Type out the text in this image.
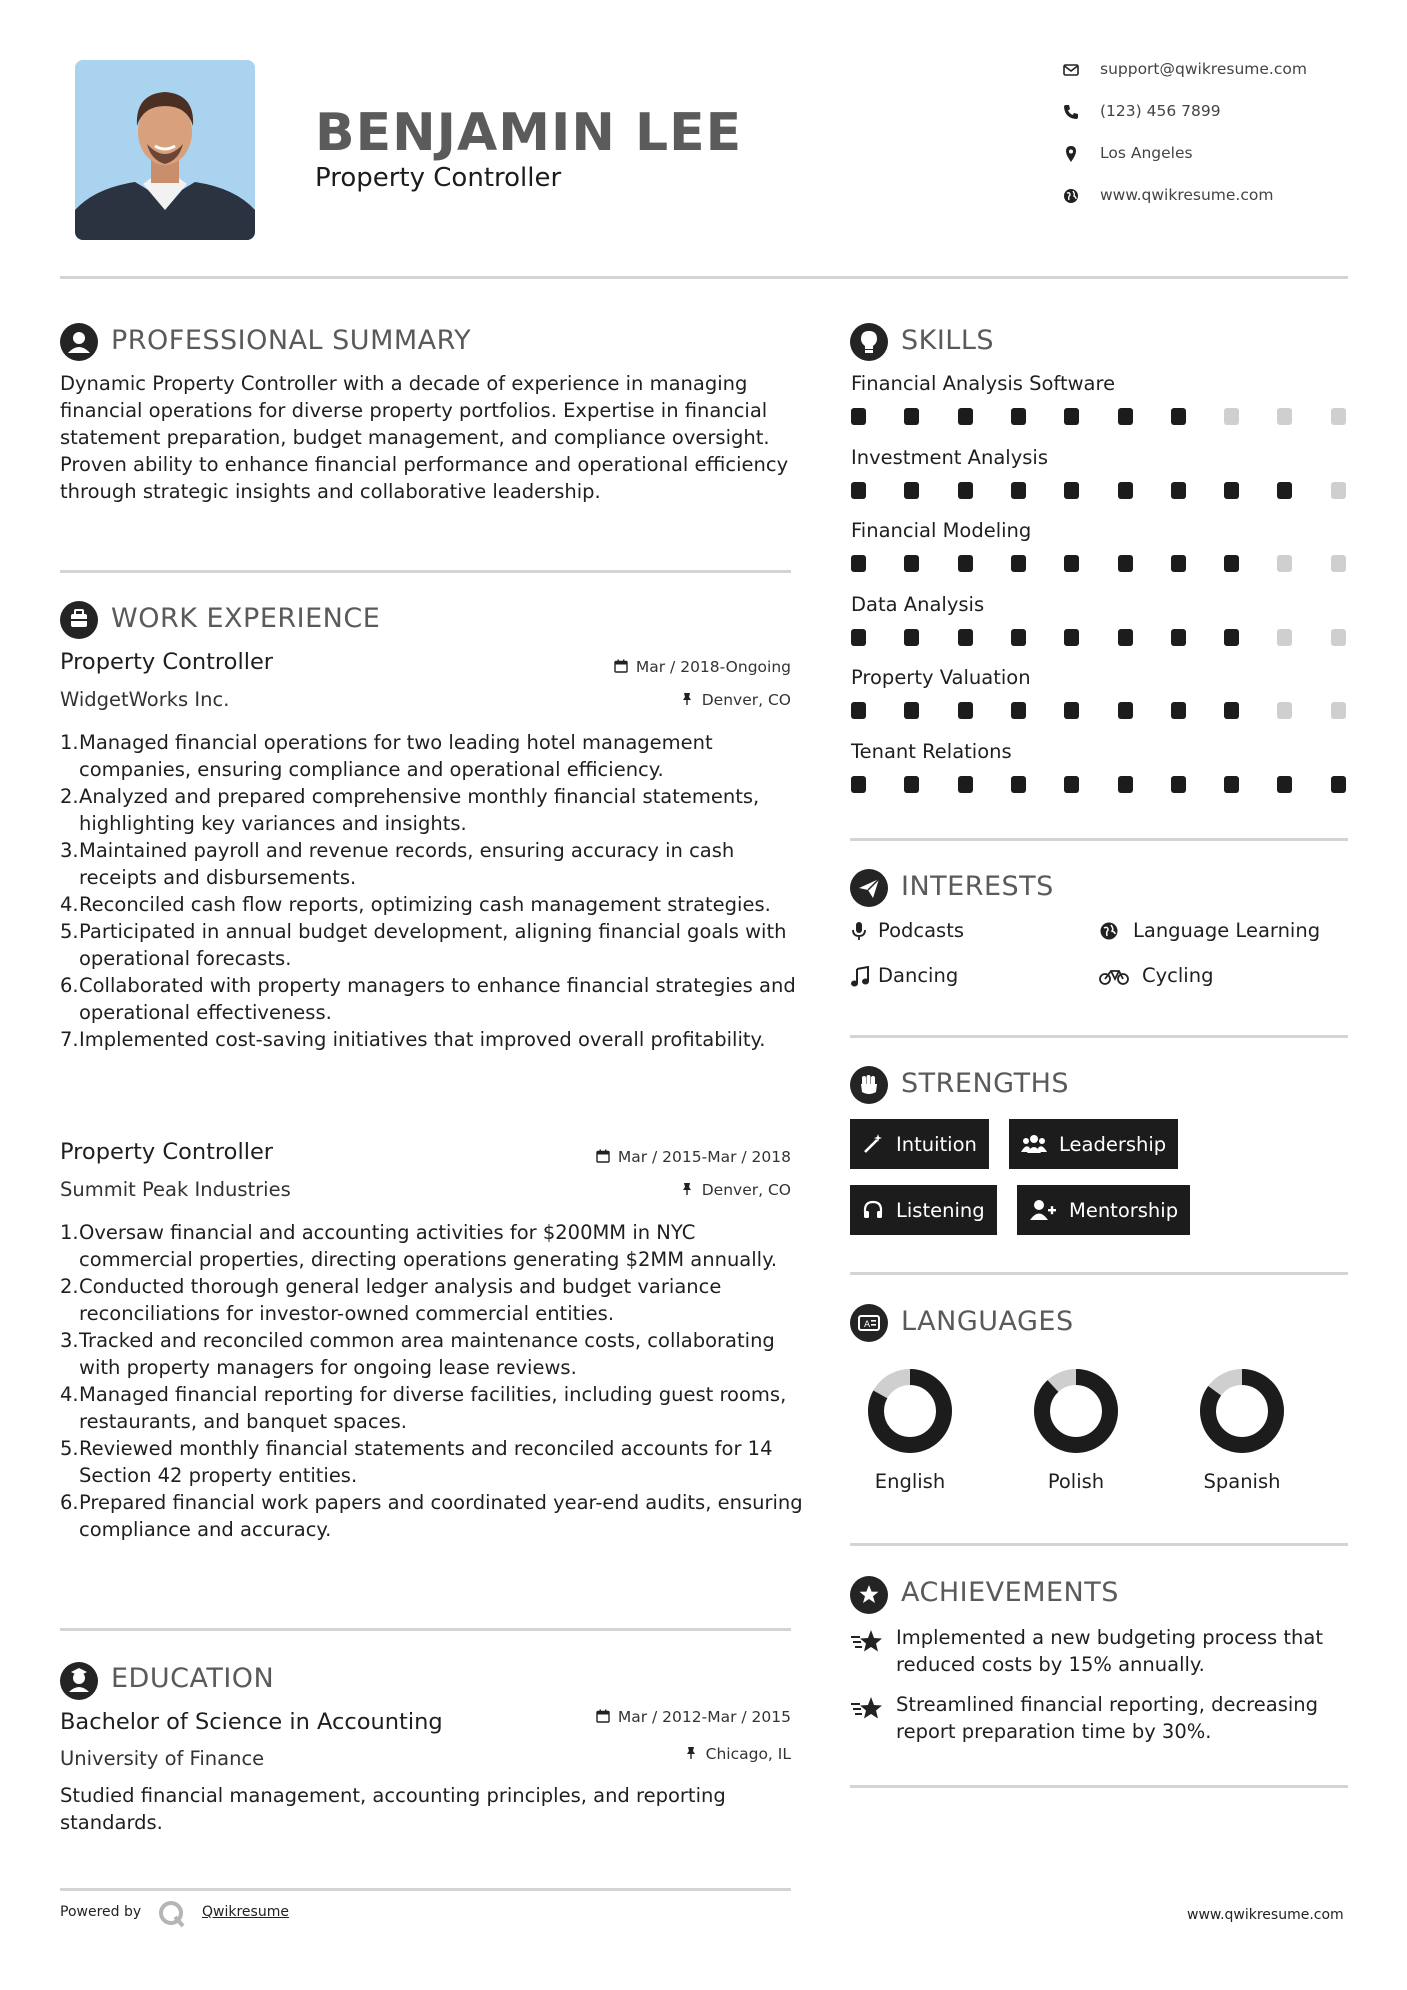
BENJAMIN LEE
Property Controller
support@qwikresume.com
(123) 456 7899
Los Angeles
www.qwikresume.com
PROFESSIONAL SUMMARY
Dynamic Property Controller with a decade of experience in managing financial operations for diverse property portfolios. Expertise in financial statement preparation, budget management, and compliance oversight. Proven ability to enhance financial performance and operational efficiency through strategic insights and collaborative leadership.
WORK EXPERIENCE
Property Controller	Mar / 2018-Ongoing
WidgetWorks Inc.	Denver, CO
Managed financial operations for two leading hotel management companies, ensuring compliance and operational efficiency.
Analyzed and prepared comprehensive monthly financial statements, highlighting key variances and insights.
Maintained payroll and revenue records, ensuring accuracy in cash receipts and disbursements.
Reconciled cash flow reports, optimizing cash management strategies.
Participated in annual budget development, aligning financial goals with operational forecasts.
Collaborated with property managers to enhance financial strategies and operational effectiveness.
Implemented cost-saving initiatives that improved overall profitability.
Property Controller	Mar / 2015-Mar / 2018
Summit Peak Industries	Denver, CO
Oversaw financial and accounting activities for $200MM in NYC commercial properties, directing operations generating $2MM annually.
Conducted thorough general ledger analysis and budget variance reconciliations for investor-owned commercial entities.
Tracked and reconciled common area maintenance costs, collaborating with property managers for ongoing lease reviews.
Managed financial reporting for diverse facilities, including guest rooms, restaurants, and banquet spaces.
Reviewed monthly financial statements and reconciled accounts for 14 Section 42 property entities.
Prepared financial work papers and coordinated year-end audits, ensuring compliance and accuracy.
EDUCATION
Bachelor of Science in Accounting	Mar / 2012-Mar / 2015
University of Finance	Chicago, IL
Studied financial management, accounting principles, and reporting standards.
Powered by	Qwikresume	www.qwikresume.com
SKILLS
Financial Analysis Software
Investment Analysis
Financial Modeling
Data Analysis
Property Valuation
Tenant Relations
INTERESTS
Podcasts	Language Learning
Dancing	Cycling
STRENGTHS
Intuition	Leadership
Listening	Mentorship
A LANGUAGES
English	Polish	Spanish
ACHIEVEMENTS
Implemented a new budgeting process that reduced costs by 15% annually.
Streamlined financial reporting, decreasing report preparation time by 30%.
